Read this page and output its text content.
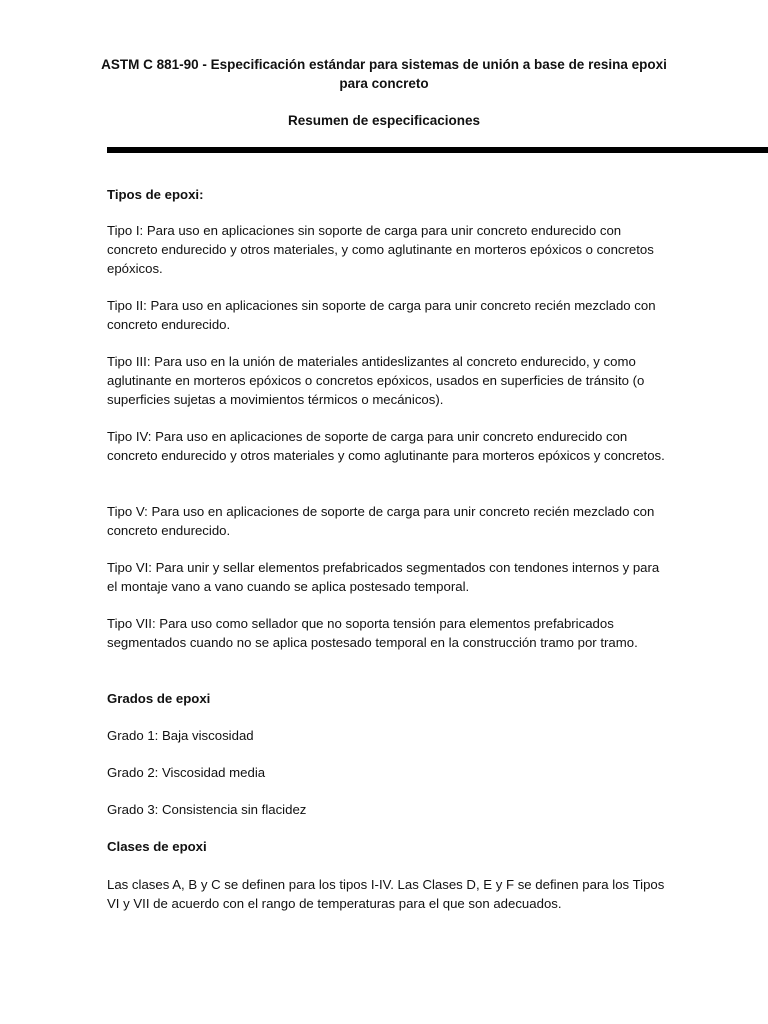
ASTM C 881-90 - Especificación estándar para sistemas de unión a base de resina epoxi para concreto
Resumen de especificaciones

Tipos de epoxi:

Tipo I: Para uso en aplicaciones sin soporte de carga para unir concreto endurecido con concreto endurecido y otros materiales, y como aglutinante en morteros epóxicos o concretos epóxicos.

Tipo II: Para uso en aplicaciones sin soporte de carga para unir concreto recién mezclado con concreto endurecido.

Tipo III: Para uso en la unión de materiales antideslizantes al concreto endurecido, y como aglutinante en morteros epóxicos o concretos epóxicos, usados en superficies de tránsito (o superficies sujetas a movimientos térmicos o mecánicos).

Tipo IV: Para uso en aplicaciones de soporte de carga para unir concreto endurecido con concreto endurecido y otros materiales y como aglutinante para morteros epóxicos y concretos.

Tipo V: Para uso en aplicaciones de soporte de carga para unir concreto recién mezclado con concreto endurecido.

Tipo VI: Para unir y sellar elementos prefabricados segmentados con tendones internos y para el montaje vano a vano cuando se aplica postesado temporal.

Tipo VII: Para uso como sellador que no soporta tensión para elementos prefabricados segmentados cuando no se aplica postesado temporal en la construcción tramo por tramo.

Grados de epoxi

Grado 1: Baja viscosidad

Grado 2: Viscosidad media

Grado 3: Consistencia sin flacidez

Clases de epoxi

Las clases A, B y C se definen para los tipos I-IV. Las Clases D, E y F se definen para los Tipos VI y VII de acuerdo con el rango de temperaturas para el que son adecuados.
